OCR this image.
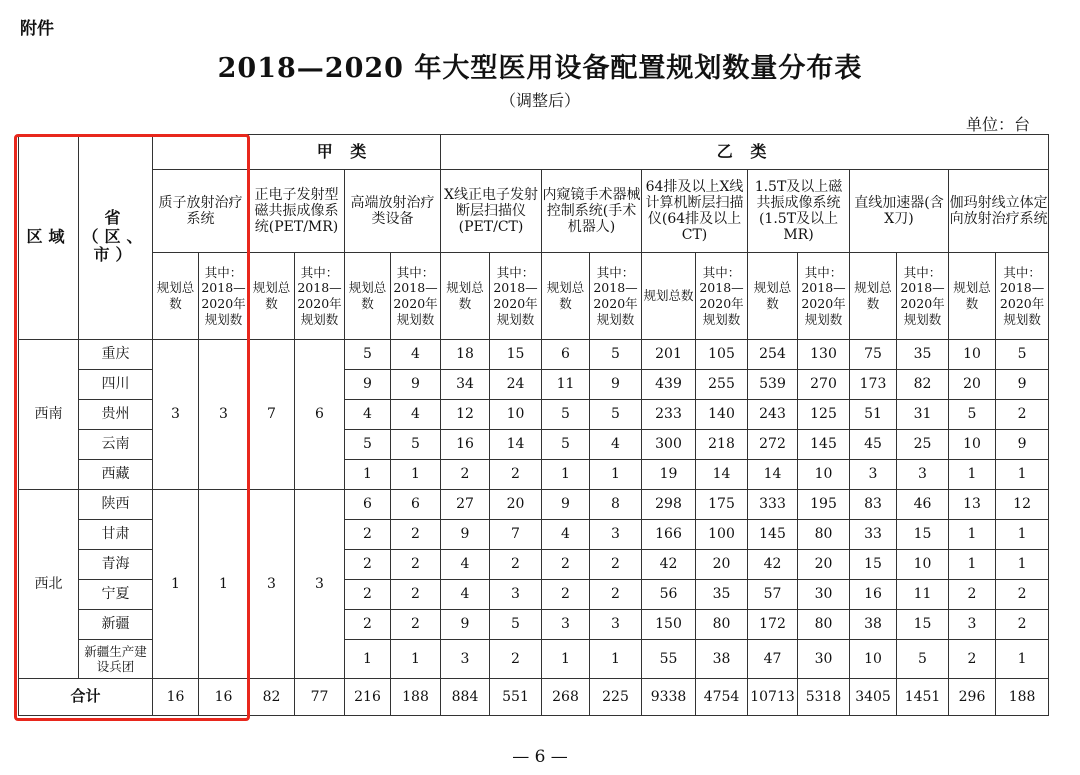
附件
2018—2020 年大型医用设备配置规划数量分布表
（调整后）
单位：台
区域	省（区、市）			甲 类				乙 类											
		质子放射治疗系统		正电子发射型磁共振成像系统(PET/MR)		高端放射治疗类设备		X线正电子发射断层扫描仪(PET/CT)		内窥镜手术器械控制系统(手术机器人)		64排及以上X线计算机断层扫描仪(64排及以上CT)		1.5T及以上磁共振成像系统(1.5T及以上MR)		直线加速器(含X刀)		伽玛射线立体定向放射治疗系统	
		规划总数	其中：2018—2020年规划数	规划总数	其中：2018—2020年规划数	规划总数	其中：2018—2020年规划数	规划总数	其中：2018—2020年规划数	规划总数	其中：2018—2020年规划数	规划总数	其中：2018—2020年规划数	规划总数	其中：2018—2020年规划数	规划总数	其中：2018—2020年规划数	规划总数	其中：2018—2020年规划数
西南	重庆	3	3	7	6	5	4	18	15	6	5	201	105	254	130	75	35	10	5
	四川					9	9	34	24	11	9	439	255	539	270	173	82	20	9
	贵州					4	4	12	10	5	5	233	140	243	125	51	31	5	2
	云南					5	5	16	14	5	4	300	218	272	145	45	25	10	9
	西藏					1	1	2	2	1	1	19	14	14	10	3	3	1	1
西北	陕西	1	1	3	3	6	6	27	20	9	8	298	175	333	195	83	46	13	12
	甘肃					2	2	9	7	4	3	166	100	145	80	33	15	1	1
	青海					2	2	4	2	2	2	42	20	42	20	15	10	1	1
	宁夏					2	2	4	3	2	2	56	35	57	30	16	11	2	2
	新疆					2	2	9	5	3	3	150	80	172	80	38	15	3	2
	新疆生产建设兵团					1	1	3	2	1	1	55	38	47	30	10	5	2	1
合计		16	16	82	77	216	188	884	551	268	225	9338	4754	10713	5318	3405	1451	296	188
— 6 —
